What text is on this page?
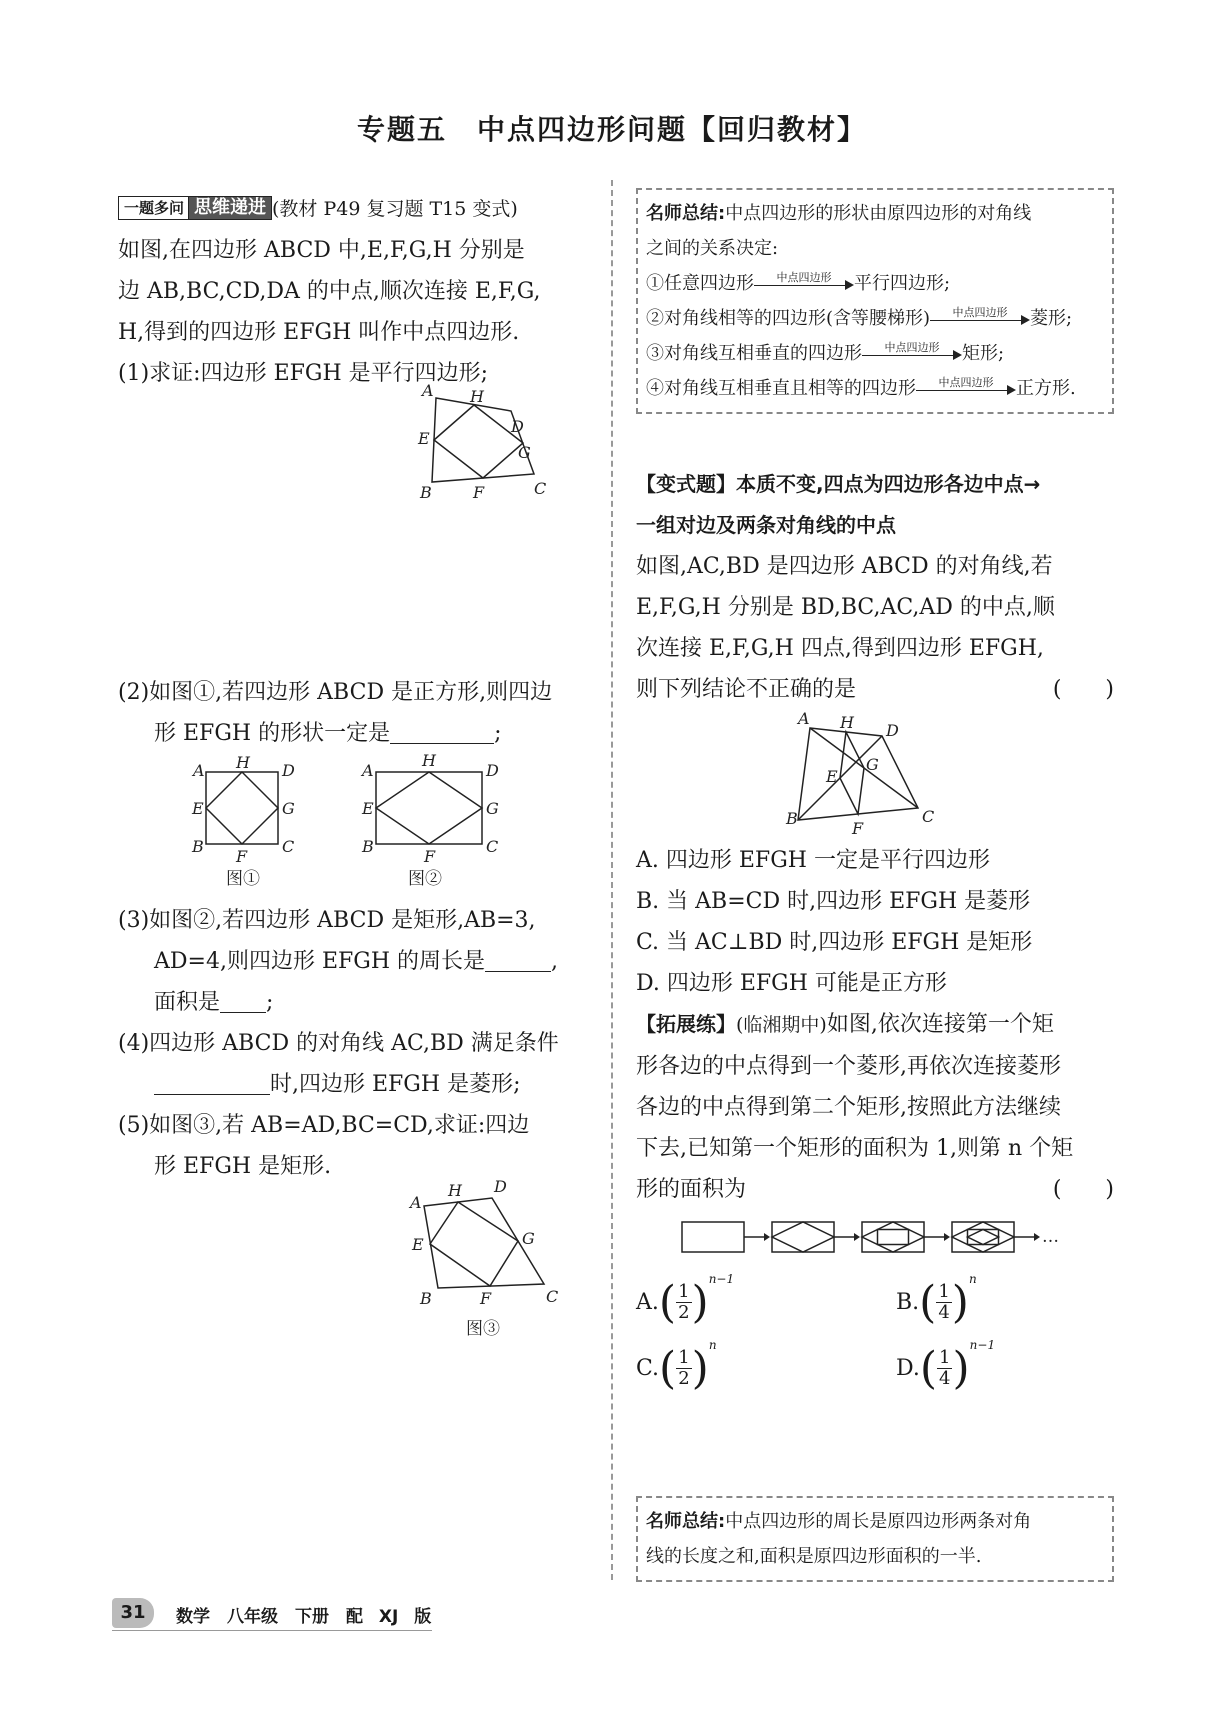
专题五　中点四边形问题【回归教材】
一题多问 思维递进 (教材 P49 复习题 T15 变式)
如图,在四边形 ABCD 中,E,F,G,H 分别是
边 AB,BC,CD,DA 的中点,顺次连接 E,F,G,
H,得到的四边形 EFGH 叫作中点四边形.
(1)求证:四边形 EFGH 是平行四边形;
A H
D
E
G
B	F	C
(2)如图①,若四边形 ABCD 是正方形,则四边
形 EFGH 的形状一定是	;
A H D
E	G
B
F
C
图①
A
H
D
E	G
B
F
C
图②
(3)如图②,若四边形 ABCD 是矩形,AB=3,
AD=4,则四边形 EFGH 的周长是	,
面积是 ;
(4)四边形 ABCD 的对角线 AC,BD 满足条件
时,四边形 EFGH 是菱形;
(5)如图③,若 AB=AD,BC=CD,求证:四边
形 EFGH 是矩形.
A
H D
E	G
B	F	C
图③
名师总结:中点四边形的形状由原四边形的对角线
之间的关系决定:
①任意四边形	中点四边形	平行四边形;
②对角线相等的四边形(含等腰梯形)	中点四边形	菱形;
③对角线互相垂直的四边形	中点四边形	矩形;
④对角线互相垂直且相等的四边形	中点四边形	正方形.
【变式题】本质不变,四点为四边形各边中点→
一组对边及两条对角线的中点
如图,AC,BD 是四边形 ABCD 的对角线,若
E,F,G,H 分别是 BD,BC,AC,AD 的中点,顺
次连接 E,F,G,H 四点,得到四边形 EFGH,
则下列结论不正确的是	(　　)
A H D
E
G
B
F
C
A. 四边形 EFGH 一定是平行四边形
B. 当 AB=CD 时,四边形 EFGH 是菱形
C. 当 AC⊥BD 时,四边形 EFGH 是矩形
D. 四边形 EFGH 可能是正方形
【拓展练】(临湘期中)如图,依次连接第一个矩
形各边的中点得到一个菱形,再依次连接菱形
各边的中点得到第二个矩形,按照此方法继续
下去,已知第一个矩形的面积为 1,则第 n 个矩
形的面积为	(　　)
…
$A.( \frac{1}{2} )^{n-1}$
$B.( \frac{1}{4} )^n$
$C.( \frac{1}{2} )^n$
$D.( \frac{1}{4} )^{n-1}$
名师总结:中点四边形的周长是原四边形两条对角
线的长度之和,面积是原四边形面积的一半.
31	数学　八年级　下册　配 XJ 版
